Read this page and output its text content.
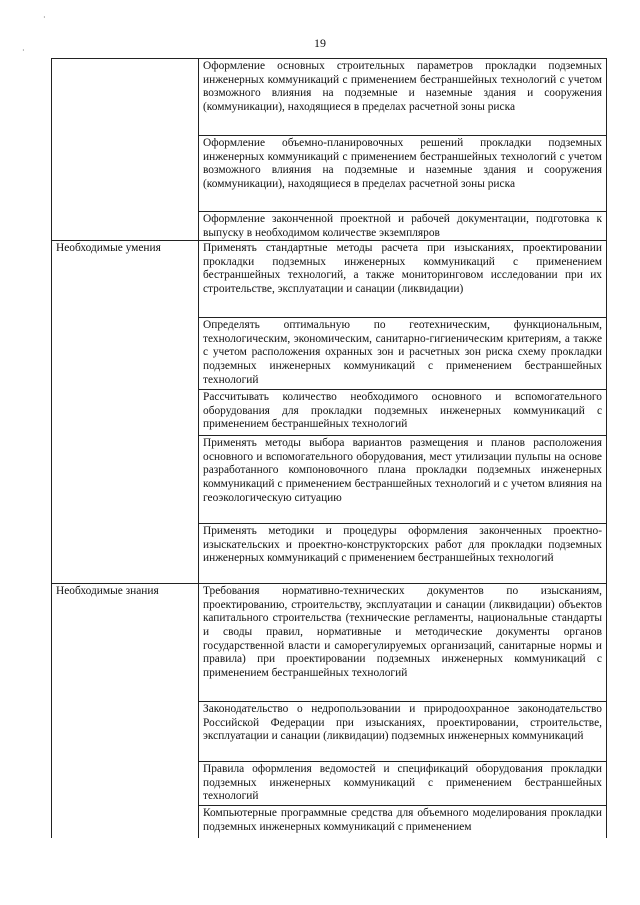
19
·
·
	Оформление основных строительных параметров прокладки подземных инженерных коммуникаций с применением бестраншейных технологий с учетом возможного влияния на подземные и наземные здания и сооружения (коммуникации), находящиеся в пределах расчетной зоны риска
	Оформление объемно-планировочных решений прокладки подземных инженерных коммуникаций с применением бестраншейных технологий с учетом возможного влияния на подземные и наземные здания и сооружения (коммуникации), находящиеся в пределах расчетной зоны риска
	Оформление законченной проектной и рабочей документации, подготовка к выпуску в необходимом количестве экземпляров
Необходимые умения	Применять стандартные методы расчета при изысканиях, проектировании прокладки подземных инженерных коммуникаций с применением бестраншейных технологий, а также мониторинговом исследовании при их строительстве, эксплуатации и санации (ликвидации)
	Определять оптимальную по геотехническим, функциональным, технологическим, экономическим, санитарно-гигиеническим критериям, а также с учетом расположения охранных зон и расчетных зон риска схему прокладки подземных инженерных коммуникаций с применением бестраншейных технологий
	Рассчитывать количество необходимого основного и вспомогательного оборудования для прокладки подземных инженерных коммуникаций с применением бестраншейных технологий
	Применять методы выбора вариантов размещения и планов расположения основного и вспомогательного оборудования, мест утилизации пульпы на основе разработанного компоновочного плана прокладки подземных инженерных коммуникаций с применением бестраншейных технологий и с учетом влияния на геоэкологическую ситуацию
	Применять методики и процедуры оформления законченных проектно-изыскательских и проектно-конструкторских работ для прокладки подземных инженерных коммуникаций с применением бестраншейных технологий
Необходимые знания	Требования нормативно-технических документов по изысканиям, проектированию, строительству, эксплуатации и санации (ликвидации) объектов капитального строительства (технические регламенты, национальные стандарты и своды правил, нормативные и методические документы органов государственной власти и саморегулируемых организаций, санитарные нормы и правила) при проектировании подземных инженерных коммуникаций с применением бестраншейных технологий
	Законодательство о недропользовании и природоохранное законодательство Российской Федерации при изысканиях, проектировании, строительстве, эксплуатации и санации (ликвидации) подземных инженерных коммуникаций
	Правила оформления ведомостей и спецификаций оборудования прокладки подземных инженерных коммуникаций с применением бестраншейных технологий
	Компьютерные программные средства для объемного моделирования прокладки подземных инженерных коммуникаций с применением
